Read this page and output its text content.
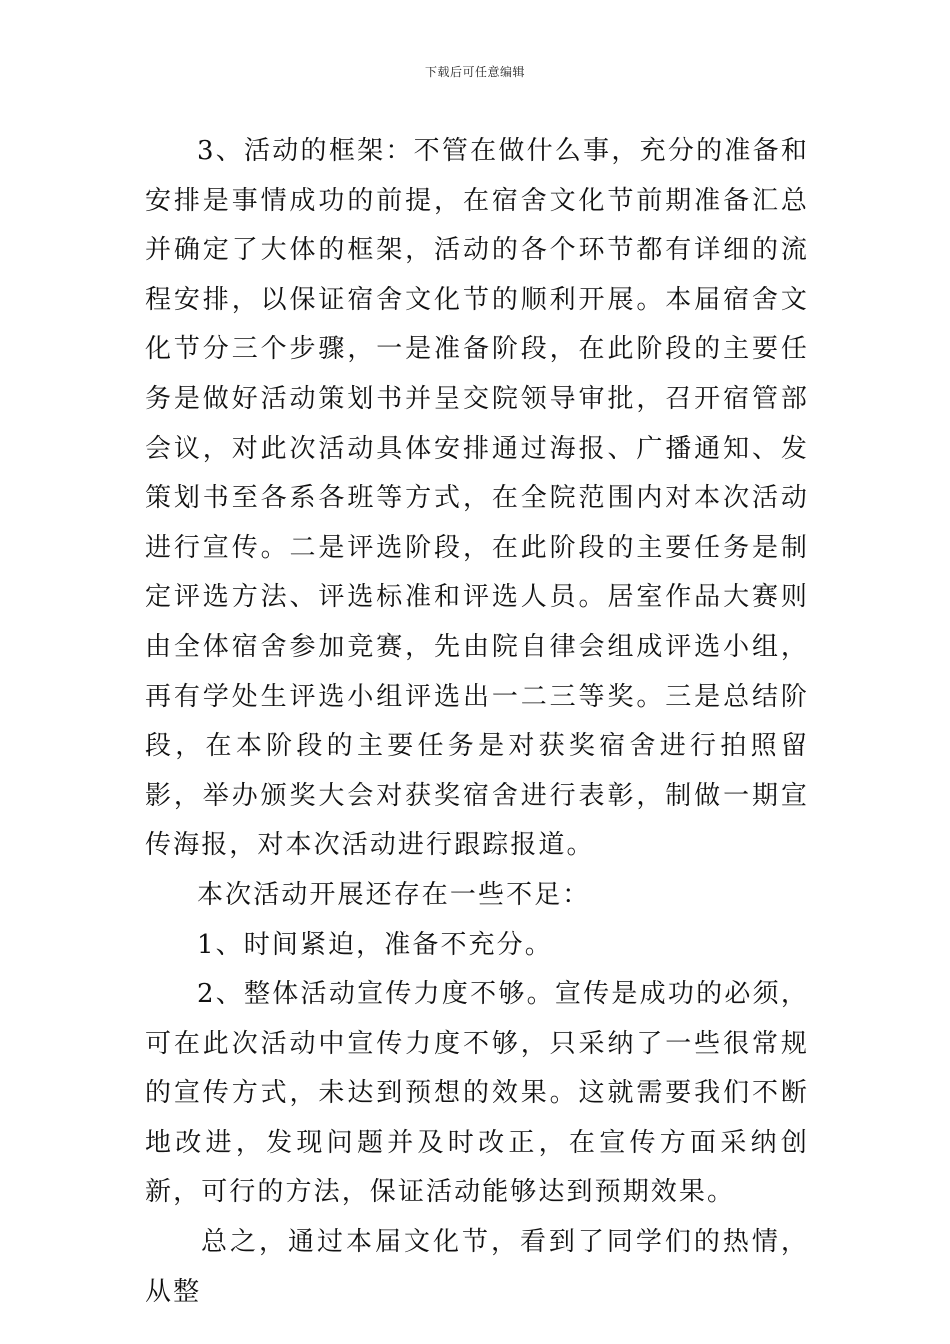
下载后可任意编辑

3、活动的框架：不管在做什么事，充分的准备和安排是事情成功的前提，在宿舍文化节前期准备汇总并确定了大体的框架，活动的各个环节都有详细的流程安排，以保证宿舍文化节的顺利开展。本届宿舍文化节分三个步骤，一是准备阶段，在此阶段的主要任务是做好活动策划书并呈交院领导审批，召开宿管部会议，对此次活动具体安排通过海报、广播通知、发策划书至各系各班等方式，在全院范围内对本次活动进行宣传。二是评选阶段，在此阶段的主要任务是制定评选方法、评选标准和评选人员。居室作品大赛则由全体宿舍参加竞赛，先由院自律会组成评选小组，再有学处生评选小组评选出一二三等奖。三是总结阶段，在本阶段的主要任务是对获奖宿舍进行拍照留影，举办颁奖大会对获奖宿舍进行表彰，制做一期宣传海报，对本次活动进行跟踪报道。

本次活动开展还存在一些不足：

1、时间紧迫，准备不充分。

2、整体活动宣传力度不够。宣传是成功的必须，可在此次活动中宣传力度不够，只采纳了一些很常规的宣传方式，未达到预想的效果。这就需要我们不断地改进，发现问题并及时改正，在宣传方面采纳创新，可行的方法，保证活动能够达到预期效果。

总之，通过本届文化节，看到了同学们的热情，从整
